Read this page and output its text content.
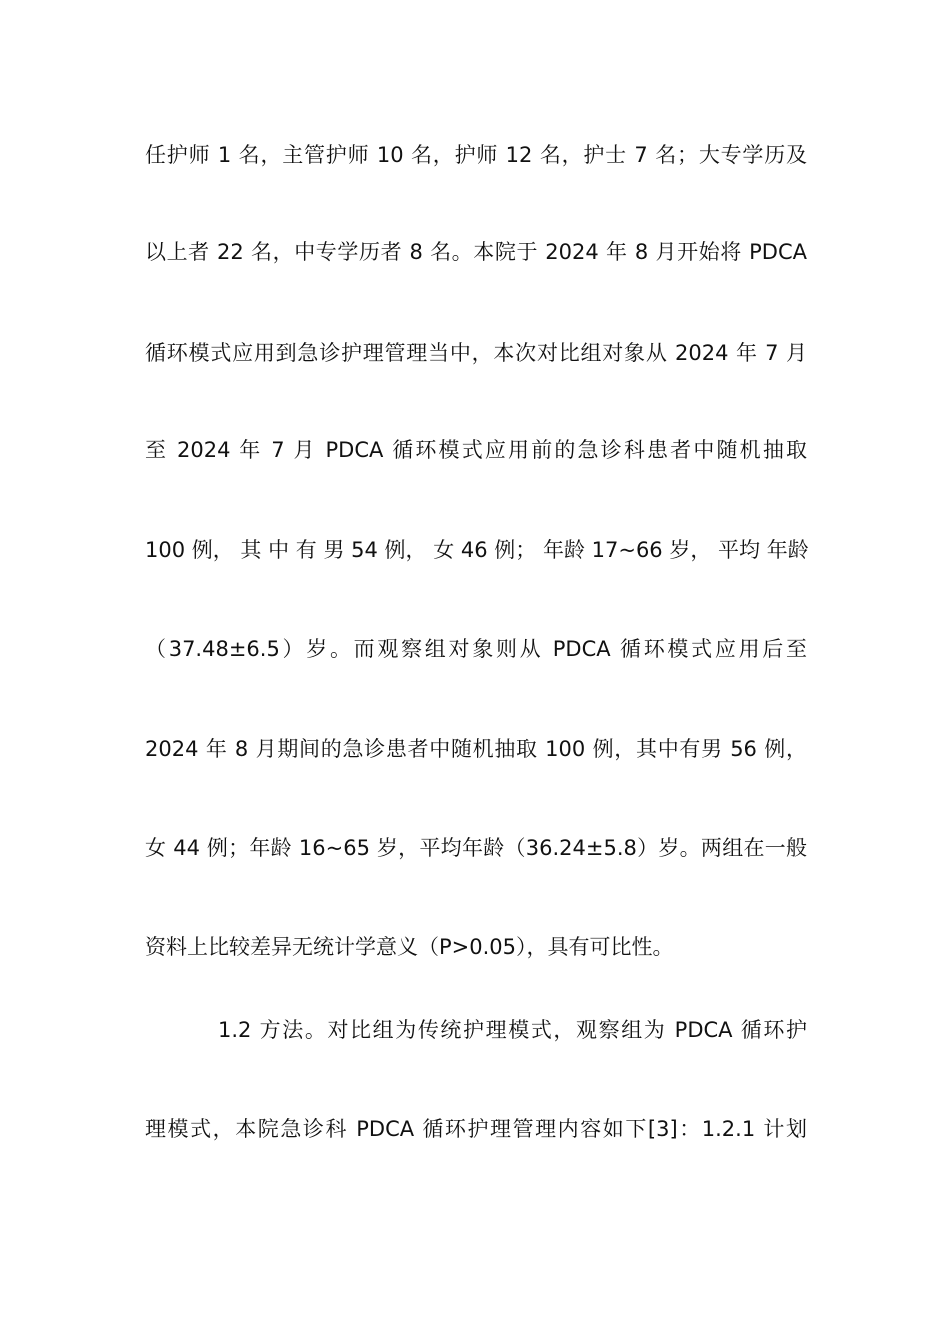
任护师 1 名，主管护师 10 名，护师 12 名，护士 7 名；大专学历及
以上者 22 名，中专学历者 8 名。本院于 2024 年 8 月开始将 PDCA
循环模式应用到急诊护理管理当中，本次对比组对象从 2024 年 7 月
至 2024 年 7 月 PDCA 循环模式应用前的急诊科患者中随机抽取
100 例， 其 中 有 男 54 例， 女 46 例； 年龄 17~66 岁， 平均 年龄
（37.48±6.5）岁。而观察组对象则从 PDCA 循环模式应用后至
2024 年 8 月期间的急诊患者中随机抽取 100 例，其中有男 56 例，
女 44 例；年龄 16~65 岁，平均年龄（36.24±5.8）岁。两组在一般
资料上比较差异无统计学意义（P>0.05），具有可比性。
1.2 方法。对比组为传统护理模式，观察组为 PDCA 循环护
理模式，本院急诊科 PDCA 循环护理管理内容如下[3]：1.2.1 计划
